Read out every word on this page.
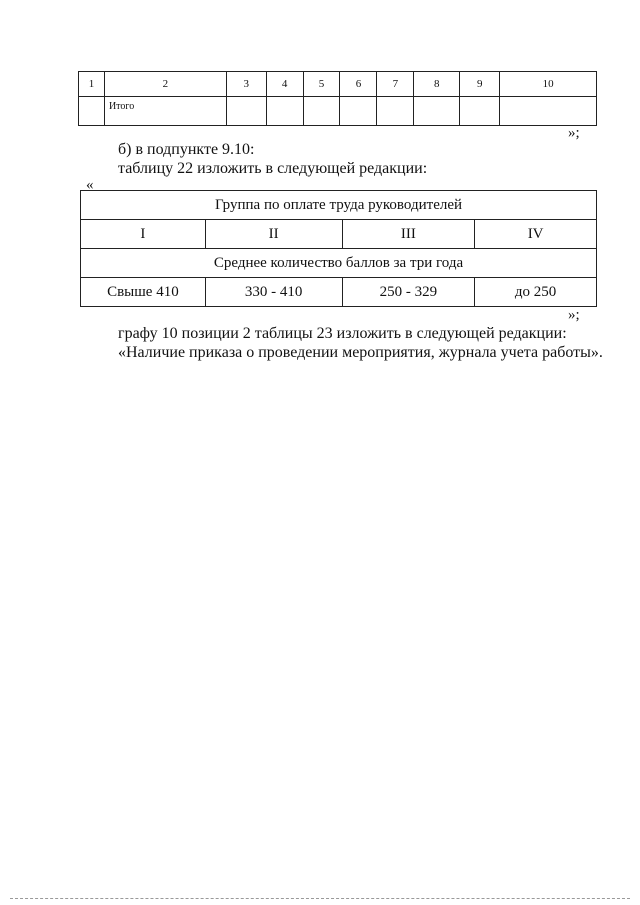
1	2	3	4	5	6	7	8	9	10
	Итого								
»;
б) в подпункте 9.10:
таблицу 22 изложить в следующей редакции:
«
Группа по оплате труда руководителей			
I	II	III	IV
Среднее количество баллов за три года			
Свыше 410	330 - 410	250 - 329	до 250
»;
графу 10 позиции 2 таблицы 23 изложить в следующей редакции:
«Наличие приказа о проведении мероприятия, журнала учета работы».
